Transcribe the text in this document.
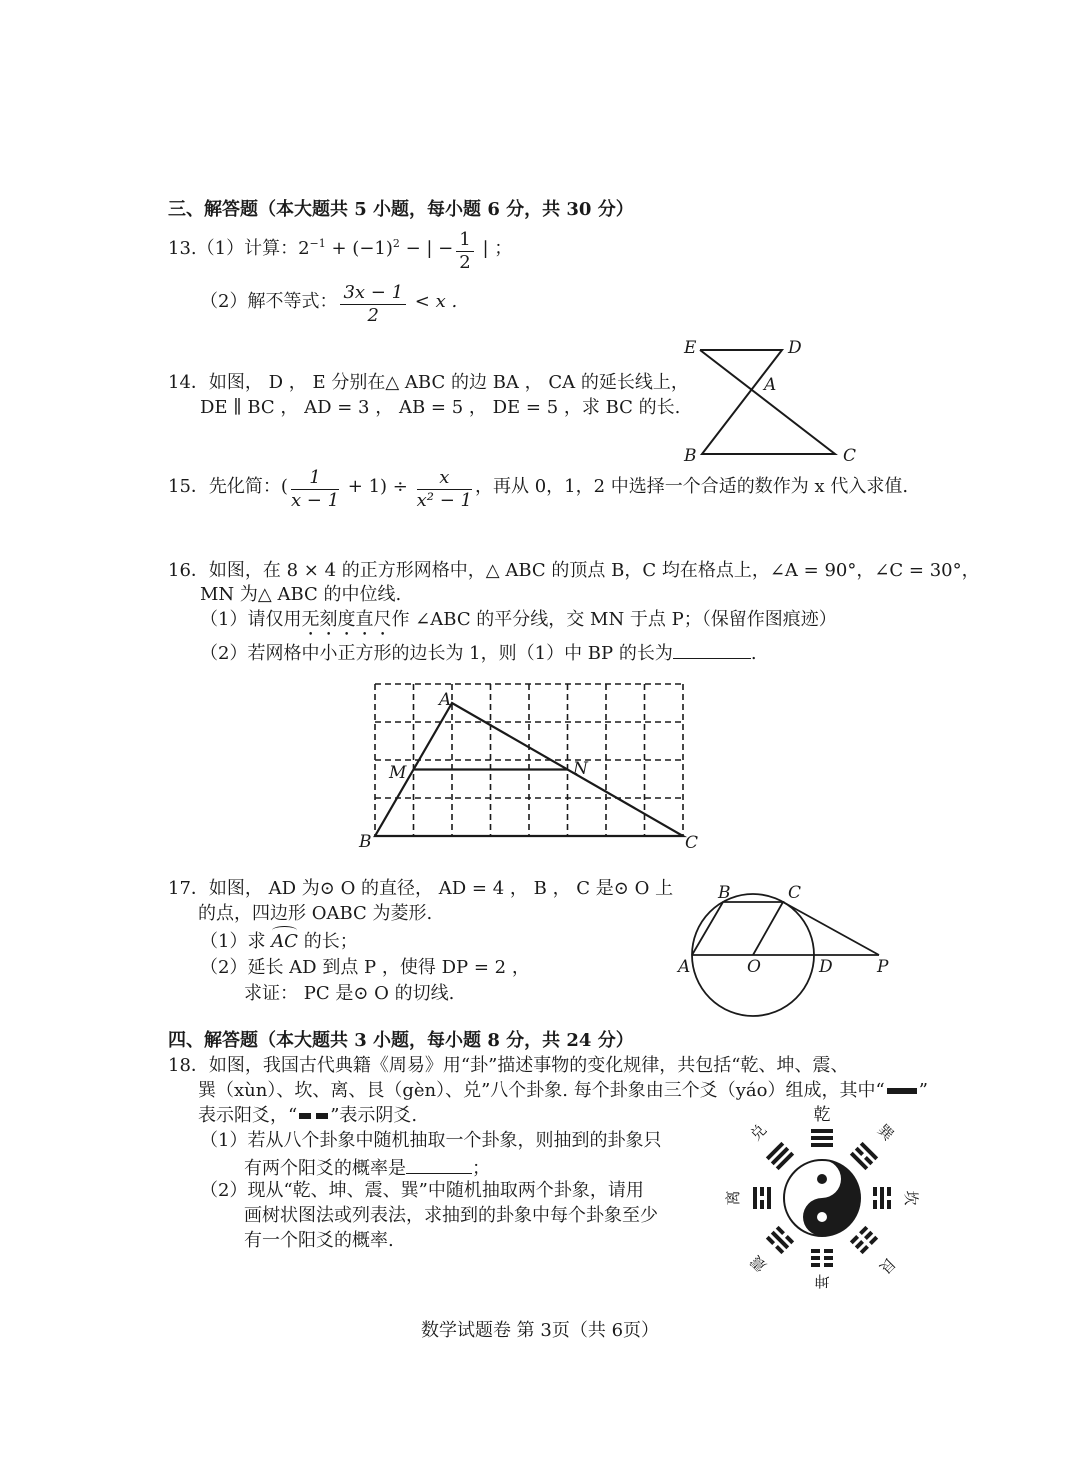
三、解答题（本大题共 5 小题，每小题 6 分，共 30 分）
13.（1）计算：$2^{-1} + (-1)^2$ − | − $\frac{1}{2}$ | ；
（2）解不等式： $\frac{3x - 1}{2} < x$ .
14．如图， D ， E 分别在△ ABC 的边 BA ， CA 的延长线上，
DE ∥ BC ， AD = 3 ， AB = 5 ， DE = 5 ，求 BC 的长.
E	D
A
B	C
15．先化简：( $\frac{1}{x - 1} + 1) \div \frac{x}{\text{x² − 1}}$ ，再从 0，1，2 中选择一个合适的数作为 x 代入求值.
16．如图，在 8 × 4 的正方形网格中，△ ABC 的顶点 B，C 均在格点上，∠A = 90°，∠C = 30°，
MN 为△ ABC 的中位线.
（1）请仅用无刻度直尺作 ∠ABC 的平分线，交 MN 于点 P；（保留作图痕迹）
（2）若网格中小正方形的边长为 1，则（1）中 BP 的长为	.
A
M	N
B	C
17．如图， AD 为⊙ O 的直径， AD = 4 ， B ， C 是⊙ O 上
的点，四边形 OABC 为菱形.
（1）求 AC 的长；
（2）延长 AD 到点 P ，使得 DP = 2 ，
求证： PC 是⊙ O 的切线.
B	C
A	O	D	P
四、解答题（本大题共 3 小题，每小题 8 分，共 24 分）
18．如图，我国古代典籍《周易》用“卦”描述事物的变化规律，共包括“乾、坤、震、
巽（xùn）、坎、离、艮（gèn）、兑”八个卦象. 每个卦象由三个爻（yáo）组成，其中“ ”
表示阳爻，“ ”表示阴爻.
（1）若从八个卦象中随机抽取一个卦象，则抽到的卦象只
有两个阳爻的概率是	；
（2）现从“乾、坤、震、巽”中随机抽取两个卦象，请用
画树状图法或列表法，求抽到的卦象中每个卦象至少
有一个阳爻的概率.
乾
巽
坎
艮
坤
震
离
兑
数学试题卷 第 3页（共 6页）
